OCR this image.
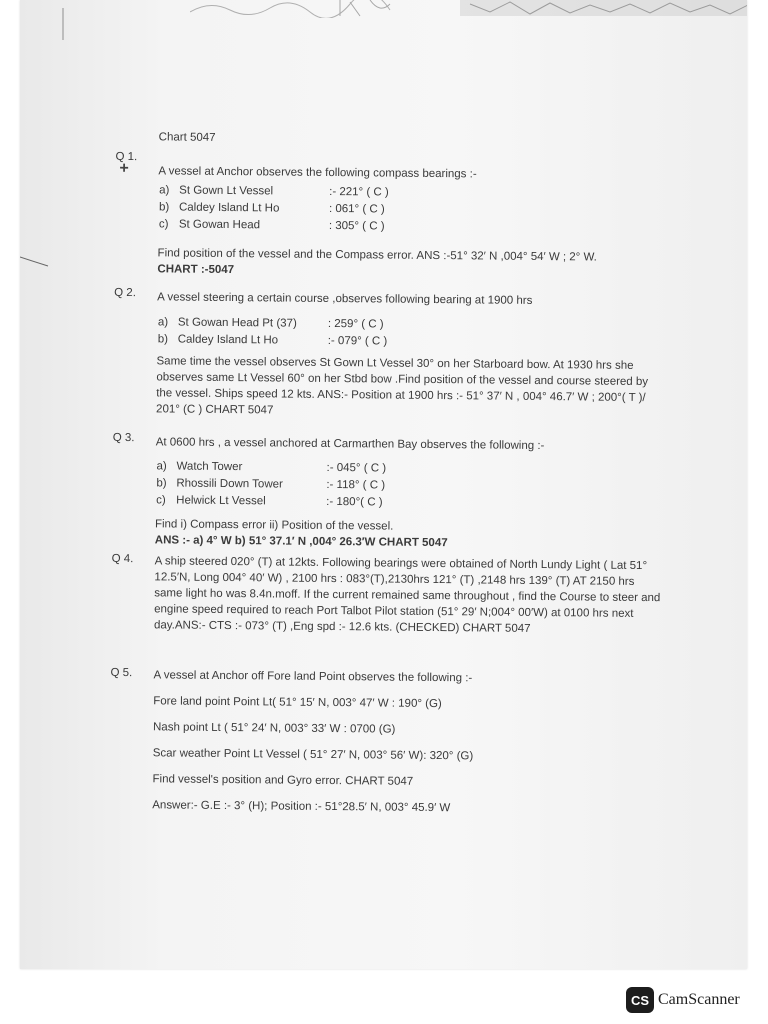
Chart 5047
Q 1.
+	A vessel at Anchor observes the following compass bearings :-
a) St Gown Lt Vessel	:- 221° ( C )
b) Caldey Island Lt Ho	: 061° ( C )
c) St Gowan Head	: 305° ( C )
Find position of the vessel and the Compass error. ANS :-51° 32′ N ,004° 54′ W ; 2° W.
CHART :-5047
Q 2. A vessel steering a certain course ,observes following bearing at 1900 hrs
a) St Gowan Head Pt (37)	: 259° ( C )
b) Caldey Island Lt Ho	:- 079° ( C )
Same time the vessel observes St Gown Lt Vessel 30° on her Starboard bow. At 1930 hrs she observes same Lt Vessel 60° on her Stbd bow .Find position of the vessel and course steered by the vessel. Ships speed 12 kts. ANS:- Position at 1900 hrs :- 51° 37′ N , 004° 46.7′ W ; 200°( T )/ 201° (C ) CHART 5047
Q 3. At 0600 hrs , a vessel anchored at Carmarthen Bay observes the following :-
a) Watch Tower	:- 045° ( C )
b) Rhossili Down Tower	:- 118° ( C )
c) Helwick Lt Vessel	:- 180°( C )
Find i) Compass error ii) Position of the vessel.
ANS :- a) 4° W b) 51° 37.1′ N ,004° 26.3′W CHART 5047
Q 4. A ship steered 020° (T) at 12kts. Following bearings were obtained of North Lundy Light ( Lat 51° 12.5′N, Long 004° 40′ W) , 2100 hrs : 083°(T),2130hrs 121° (T) ,2148 hrs 139° (T) AT 2150 hrs same light ho was 8.4n.moff. If the current remained same throughout , find the Course to steer and engine speed required to reach Port Talbot Pilot station (51° 29′ N;004° 00′W) at 0100 hrs next day.ANS:- CTS :- 073° (T) ,Eng spd :- 12.6 kts. (CHECKED) CHART 5047
Q 5. A vessel at Anchor off Fore land Point observes the following :-
Fore land point Point Lt( 51° 15′ N, 003° 47′ W : 190° (G)
Nash point Lt ( 51° 24′ N, 003° 33′ W : 0700 (G)
Scar weather Point Lt Vessel ( 51° 27′ N, 003° 56′ W): 320° (G)
Find vessel's position and Gyro error. CHART 5047
Answer:- G.E :- 3° (H); Position :- 51°28.5′ N, 003° 45.9′ W
CS CamScanner
